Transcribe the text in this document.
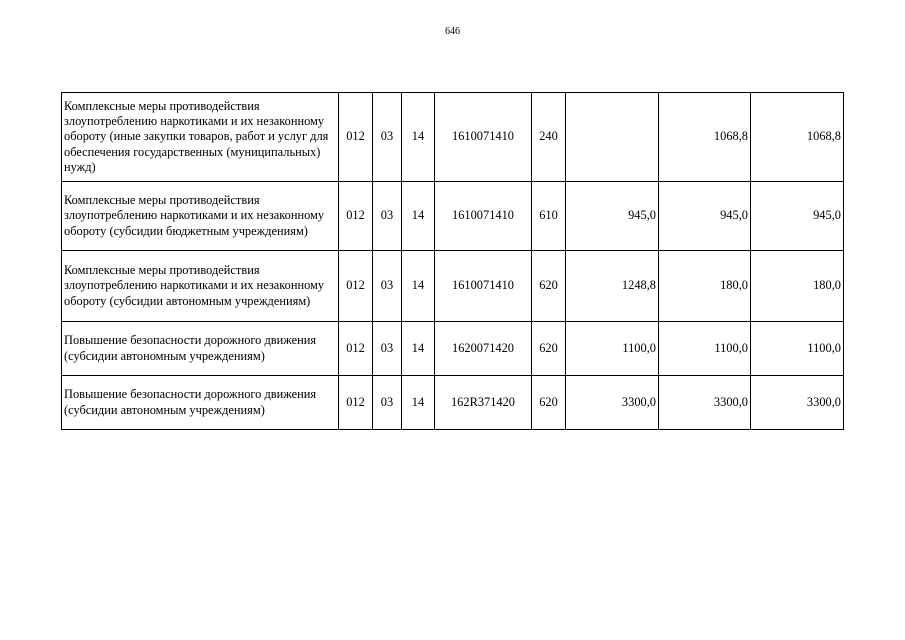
646
Комплексные меры противодействия злоупотреблению наркотиками и их незаконному обороту (иные закупки товаров, работ и услуг для обеспечения государственных (муниципальных) нужд)	012	03	14	1610071410	240		1068,8	1068,8
Комплексные меры противодействия злоупотреблению наркотиками и их незаконному обороту (субсидии бюджетным учреждениям)	012	03	14	1610071410	610	945,0	945,0	945,0
Комплексные меры противодействия злоупотреблению наркотиками и их незаконному обороту (субсидии автономным учреждениям)	012	03	14	1610071410	620	1248,8	180,0	180,0
Повышение безопасности дорожного движения (субсидии автономным учреждениям)	012	03	14	1620071420	620	1100,0	1100,0	1100,0
Повышение безопасности дорожного движения (субсидии автономным учреждениям)	012	03	14	162R371420	620	3300,0	3300,0	3300,0
